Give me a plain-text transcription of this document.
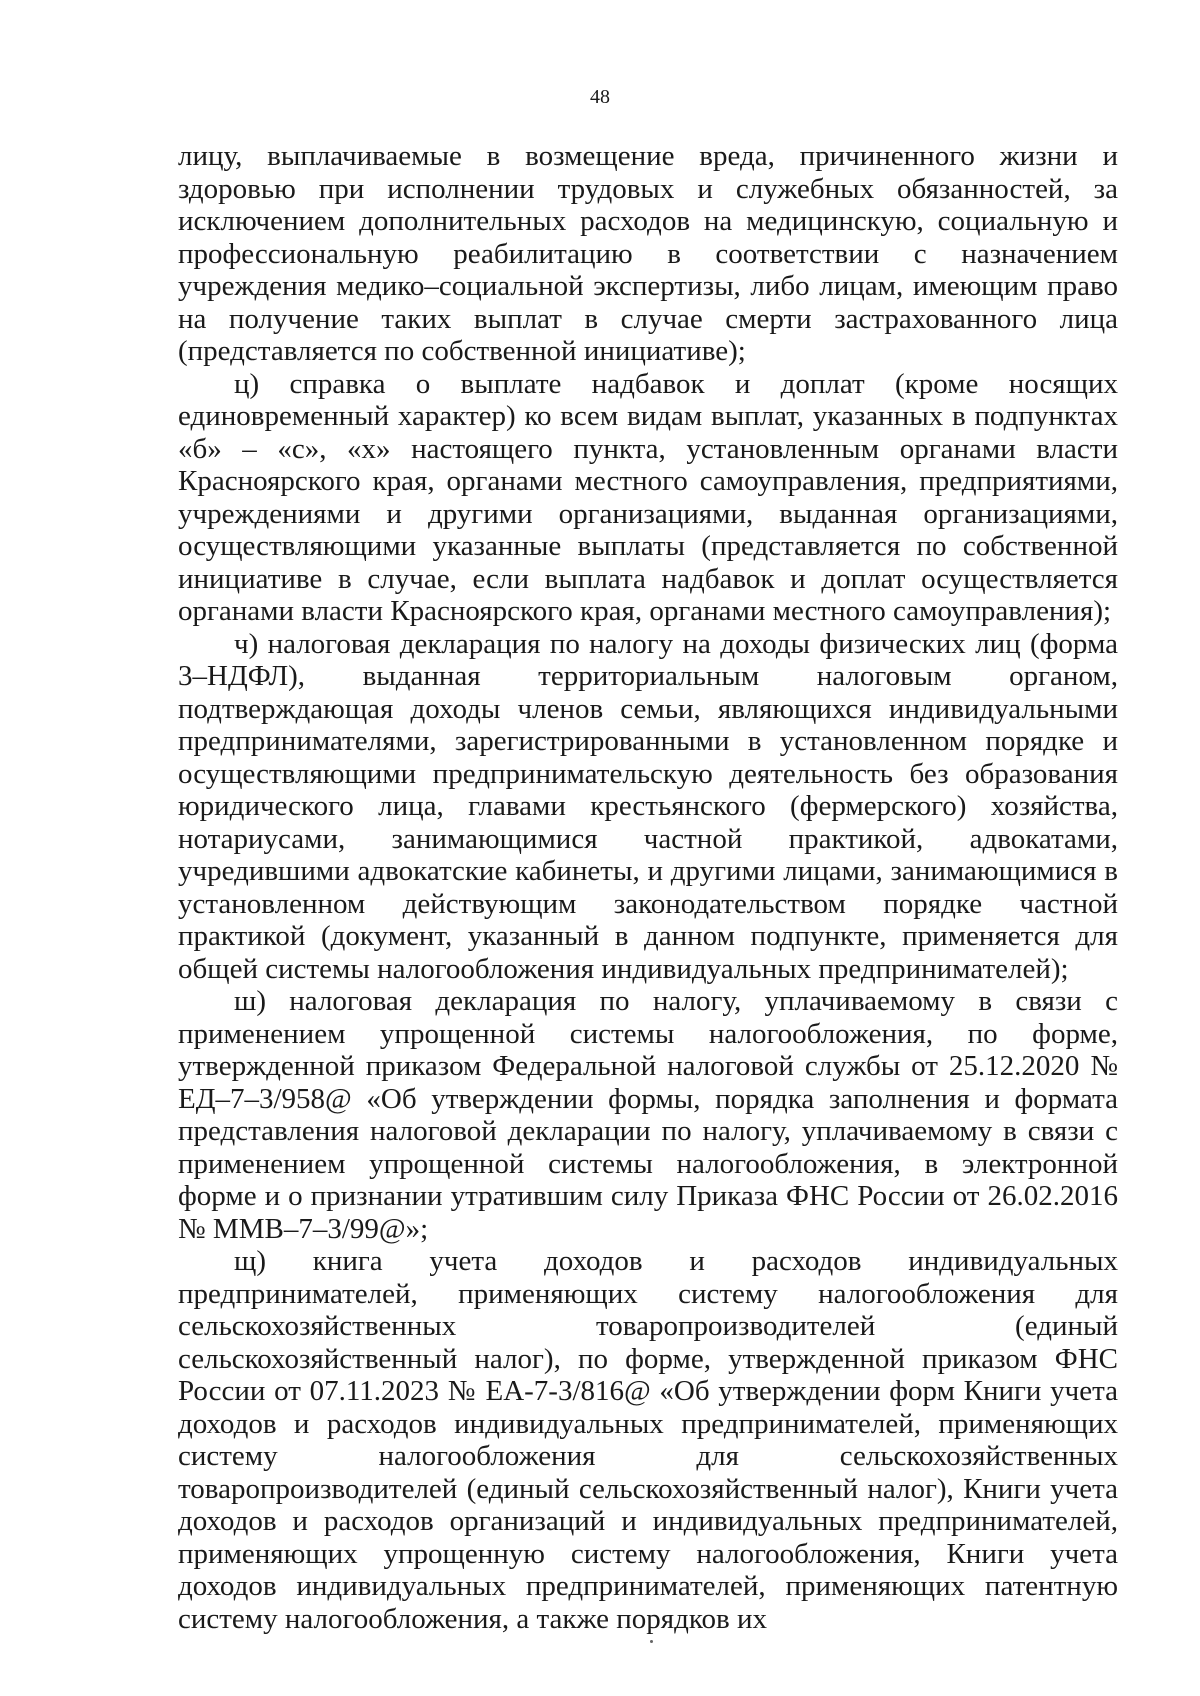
48

лицу, выплачиваемые в возмещение вреда, причиненного жизни и здоровью при исполнении трудовых и служебных обязанностей, за исключением дополнительных расходов на медицинскую, социальную и профессиональную реабилитацию в соответствии с назначением учреждения медико–социальной экспертизы, либо лицам, имеющим право на получение таких выплат в случае смерти застрахованного лица (представляется по собственной инициативе);

ц) справка о выплате надбавок и доплат (кроме носящих единовременный характер) ко всем видам выплат, указанных в подпунктах «б» – «с», «х» настоящего пункта, установленным органами власти Красноярского края, органами местного самоуправления, предприятиями, учреждениями и другими организациями, выданная организациями, осуществляющими указанные выплаты (представляется по собственной инициативе в случае, если выплата надбавок и доплат осуществляется органами власти Красноярского края, органами местного самоуправления);

ч) налоговая декларация по налогу на доходы физических лиц (форма 3–НДФЛ), выданная территориальным налоговым органом, подтверждающая доходы членов семьи, являющихся индивидуальными предпринимателями, зарегистрированными в установленном порядке и осуществляющими предпринимательскую деятельность без образования юридического лица, главами крестьянского (фермерского) хозяйства, нотариусами, занимающимися частной практикой, адвокатами, учредившими адвокатские кабинеты, и другими лицами, занимающимися в установленном действующим законодательством порядке частной практикой (документ, указанный в данном подпункте, применяется для общей системы налогообложения индивидуальных предпринимателей);

ш) налоговая декларация по налогу, уплачиваемому в связи с применением упрощенной системы налогообложения, по форме, утвержденной приказом Федеральной налоговой службы от 25.12.2020 № ЕД–7–3/958@ «Об утверждении формы, порядка заполнения и формата представления налоговой декларации по налогу, уплачиваемому в связи с применением упрощенной системы налогообложения, в электронной форме и о признании утратившим силу Приказа ФНС России от 26.02.2016 № ММВ–7–3/99@»;

щ) книга учета доходов и расходов индивидуальных предпринимателей, применяющих систему налогообложения для сельскохозяйственных товаропроизводителей (единый сельскохозяйственный налог), по форме, утвержденной приказом ФНС России от 07.11.2023 № ЕА-7-3/816@ «Об утверждении форм Книги учета доходов и расходов индивидуальных предпринимателей, применяющих систему налогообложения для сельскохозяйственных товаропроизводителей (единый сельскохозяйственный налог), Книги учета доходов и расходов организаций и индивидуальных предпринимателей, применяющих упрощенную систему налогообложения, Книги учета доходов индивидуальных предпринимателей, применяющих патентную систему налогообложения, а также порядков их
